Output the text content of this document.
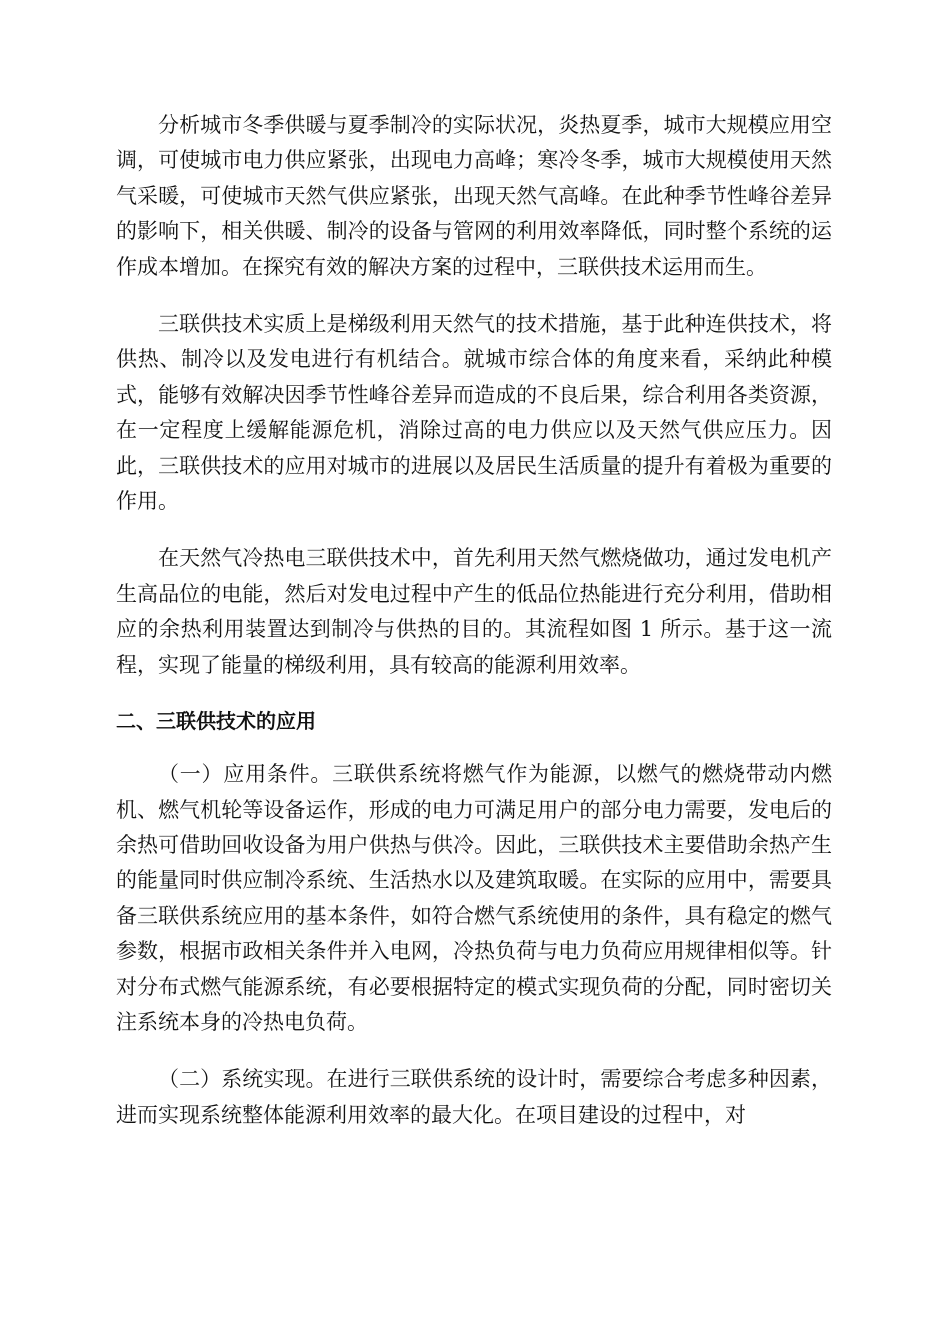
分析城市冬季供暖与夏季制冷的实际状况，炎热夏季，城市大规模应用空调，可使城市电力供应紧张，出现电力高峰；寒冷冬季，城市大规模使用天然气采暖，可使城市天然气供应紧张，出现天然气高峰。在此种季节性峰谷差异的影响下，相关供暖、制冷的设备与管网的利用效率降低，同时整个系统的运作成本增加。在探究有效的解决方案的过程中，三联供技术运用而生。

三联供技术实质上是梯级利用天然气的技术措施，基于此种连供技术，将供热、制冷以及发电进行有机结合。就城市综合体的角度来看，采纳此种模式，能够有效解决因季节性峰谷差异而造成的不良后果，综合利用各类资源，在一定程度上缓解能源危机，消除过高的电力供应以及天然气供应压力。因此，三联供技术的应用对城市的进展以及居民生活质量的提升有着极为重要的作用。

在天然气冷热电三联供技术中，首先利用天然气燃烧做功，通过发电机产生高品位的电能，然后对发电过程中产生的低品位热能进行充分利用，借助相应的余热利用装置达到制冷与供热的目的。其流程如图 1 所示。基于这一流程，实现了能量的梯级利用，具有较高的能源利用效率。

二、三联供技术的应用

（一）应用条件。三联供系统将燃气作为能源，以燃气的燃烧带动内燃机、燃气机轮等设备运作，形成的电力可满足用户的部分电力需要，发电后的余热可借助回收设备为用户供热与供冷。因此，三联供技术主要借助余热产生的能量同时供应制冷系统、生活热水以及建筑取暖。在实际的应用中，需要具备三联供系统应用的基本条件，如符合燃气系统使用的条件，具有稳定的燃气参数，根据市政相关条件并入电网，冷热负荷与电力负荷应用规律相似等。针对分布式燃气能源系统，有必要根据特定的模式实现负荷的分配，同时密切关注系统本身的冷热电负荷。

（二）系统实现。在进行三联供系统的设计时，需要综合考虑多种因素，进而实现系统整体能源利用效率的最大化。在项目建设的过程中，对
